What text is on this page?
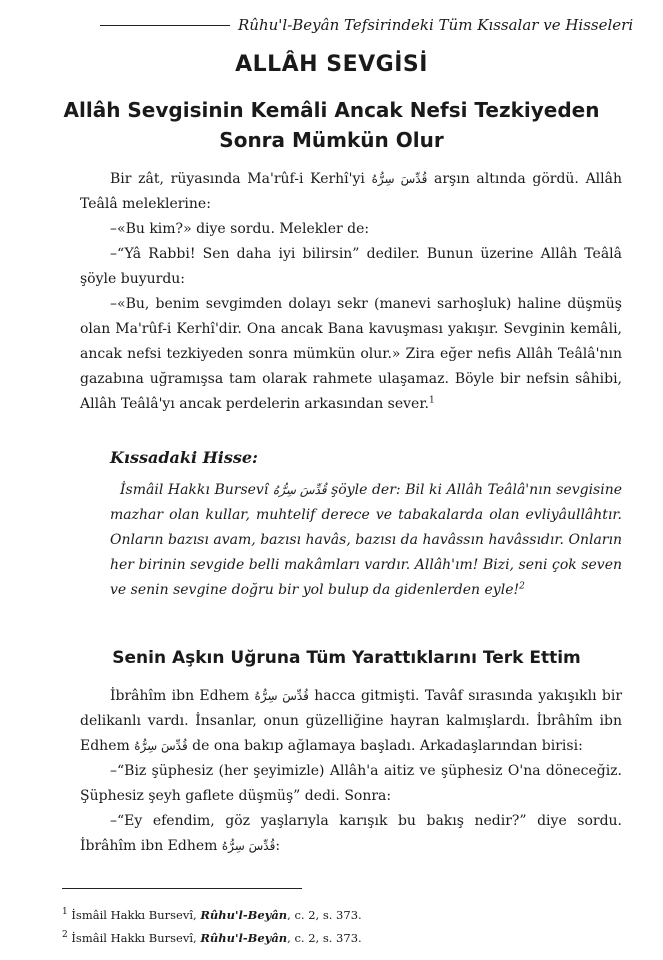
Rûhu'l-Beyân Tefsirindeki Tüm Kıssalar ve Hisseleri
ALLÂH SEVGİSİ
Allâh Sevgisinin Kemâli Ancak Nefsi Tezkiyeden
Sonra Mümkün Olur

Bir zât, rüyasında Ma'rûf-i Kerhî'yi قُدِّسَ سِرُّهُ arşın altında gördü. Allâh Teâlâ meleklerine:

–«Bu kim?» diye sordu. Melekler de:

–“Yâ Rabbi! Sen daha iyi bilirsin” dediler. Bunun üzerine Allâh Teâlâ şöyle buyurdu:

–«Bu, benim sevgimden dolayı sekr (manevi sarhoşluk) haline düşmüş olan Ma'rûf-i Kerhî'dir. Ona ancak Bana kavuşması yakışır. Sevginin kemâli, ancak nefsi tezkiyeden sonra mümkün olur.» Zira eğer nefis Allâh Teâlâ'nın gazabına uğramışsa tam olarak rahmete ulaşamaz. Böyle bir nefsin sâhibi, Allâh Teâlâ'yı ancak perdelerin arkasından sever.$^1$

Kıssadaki Hisse:

İsmâil Hakkı Bursevî قُدِّسَ سِرُّهُ şöyle der: Bil ki Allâh Teâlâ'nın sevgisine mazhar olan kullar, muhtelif derece ve tabakalarda olan evliyâullâhtır. Onların bazısı avam, bazısı havâs, bazısı da havâssın havâssıdır. Onların her birinin sevgide belli makâmları vardır. Allâh'ım! Bizi, seni çok seven ve senin sevgine doğru bir yol bulup da gidenlerden eyle!$^2$

Senin Aşkın Uğruna Tüm Yarattıklarını Terk Ettim

İbrâhîm ibn Edhem قُدِّسَ سِرُّهُ hacca gitmişti. Tavâf sırasında yakışıklı bir delikanlı vardı. İnsanlar, onun güzelliğine hayran kalmışlardı. İbrâhîm ibn Edhem قُدِّسَ سِرُّهُ de ona bakıp ağlamaya başladı. Arkadaşlarından birisi:

–“Biz şüphesiz (her şeyimizle) Allâh'a aitiz ve şüphesiz O'na döneceğiz. Şüphesiz şeyh gaflete düşmüş” dedi. Sonra:

–“Ey efendim, göz yaşlarıyla karışık bu bakış nedir?” diye sordu. İbrâhîm ibn Edhem قُدِّسَ سِرُّهُ:

$^1$ İsmâil Hakkı Bursevî, Rûhu'l-Beyân, c. 2, s. 373.

$^2$ İsmâil Hakkı Bursevî, Rûhu'l-Beyân, c. 2, s. 373.
